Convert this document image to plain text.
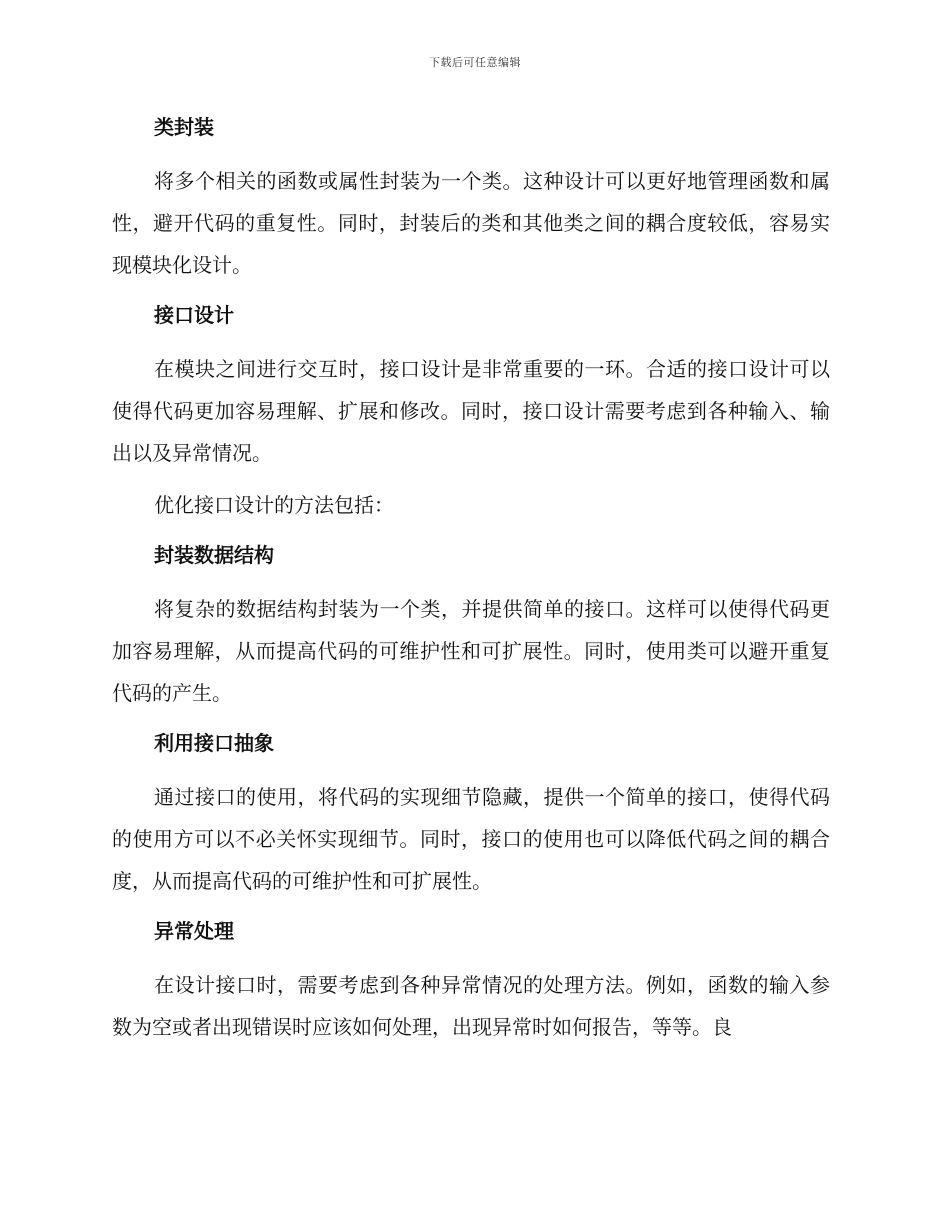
下载后可任意编辑
类封装

将多个相关的函数或属性封装为一个类。这种设计可以更好地管理函数和属性，避开代码的重复性。同时，封装后的类和其他类之间的耦合度较低，容易实现模块化设计。

接口设计

在模块之间进行交互时，接口设计是非常重要的一环。合适的接口设计可以使得代码更加容易理解、扩展和修改。同时，接口设计需要考虑到各种输入、输出以及异常情况。

优化接口设计的方法包括：

封装数据结构

将复杂的数据结构封装为一个类，并提供简单的接口。这样可以使得代码更加容易理解，从而提高代码的可维护性和可扩展性。同时，使用类可以避开重复代码的产生。

利用接口抽象

通过接口的使用，将代码的实现细节隐藏，提供一个简单的接口，使得代码的使用方可以不必关怀实现细节。同时，接口的使用也可以降低代码之间的耦合度，从而提高代码的可维护性和可扩展性。

异常处理

在设计接口时，需要考虑到各种异常情况的处理方法。例如，函数的输入参数为空或者出现错误时应该如何处理，出现异常时如何报告，等等。良
